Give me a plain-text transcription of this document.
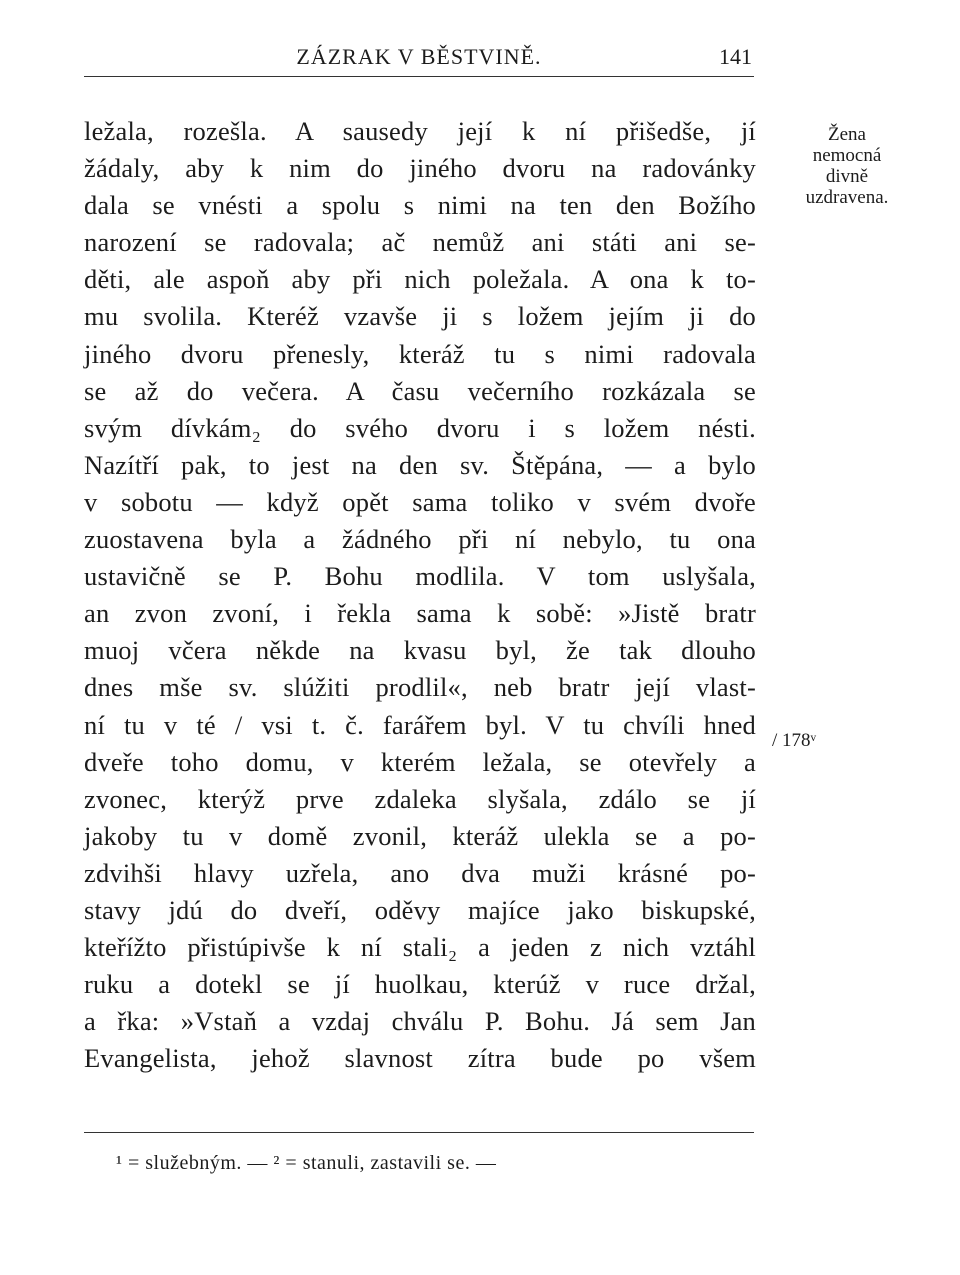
ZÁZRAK V BĚSTVINĚ.	141
ležala, rozešla. A sausedy její k ní přišedše, jí
žádaly, aby k nim do jiného dvoru na radovánky
dala se vnésti a spolu s nimi na ten den Božího
narození se radovala; ač nemůž ani státi ani se-
děti, ale aspoň aby při nich poležala. A ona k to-
mu svolila. Kteréž vzavše ji s ložem jejím ji do
jiného dvoru přenesly, kteráž tu s nimi radovala
se až do večera. A času večerního rozkázala se
svým dívkám₂ do svého dvoru i s ložem nésti.
Nazítří pak, to jest na den sv. Štěpána, — a bylo
v sobotu — když opět sama toliko v svém dvoře
zuostavena byla a žádného při ní nebylo, tu ona
ustavičně se P. Bohu modlila. V tom uslyšala,
an zvon zvoní, i řekla sama k sobě: »Jistě bratr
muoj včera někde na kvasu byl, že tak dlouho
dnes mše sv. slúžiti prodlil«, neb bratr její vlast-
ní tu v té / vsi t. č. farářem byl. V tu chvíli hned
dveře toho domu, v kterém ležala, se otevřely a
zvonec, kterýž prve zdaleka slyšala, zdálo se jí
jakoby tu v domě zvonil, kteráž ulekla se a po-
zdvihši hlavy uzřela, ano dva muži krásné po-
stavy jdú do dveří, oděvy majíce jako biskupské,
kteřížto přistúpivše k ní stali₂ a jeden z nich vztáhl
ruku a dotekl se jí huolkau, kterúž v ruce držal,
a řka: »Vstaň a vzdaj chválu P. Bohu. Já sem Jan
Evangelista, jehož slavnost zítra bude po všem
Žena
nemocná
divně
uzdravena.
/ 178ᵛ
¹ = služebným. — ² = stanuli, zastavili se. —
